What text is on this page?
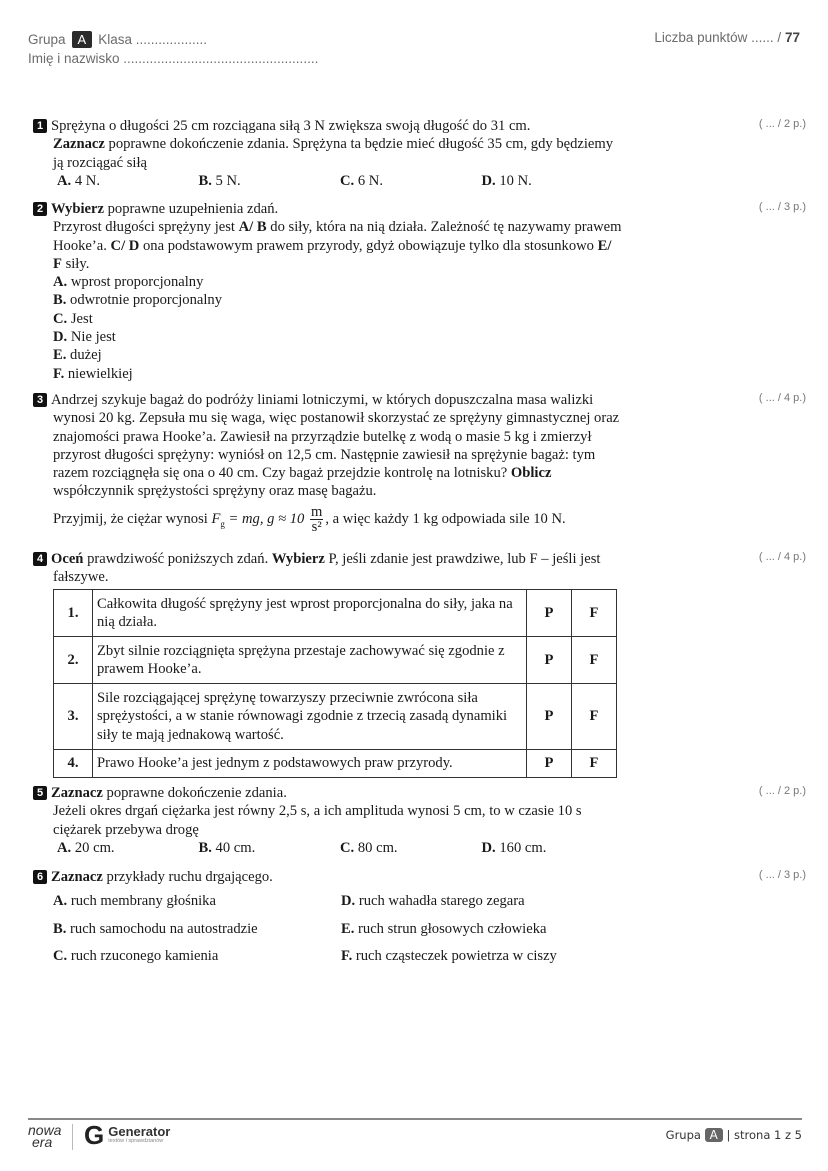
Grupa A Klasa ...................
Imię i nazwisko ....................................................
Liczba punktów ...... / 77
1 Sprężyna o długości 25 cm rozciągana siłą 3 N zwiększa swoją długość do 31 cm.
Zaznacz poprawne dokończenie zdania. Sprężyna ta będzie mieć długość 35 cm, gdy będziemy ją rozciągać siłą
A. 4 N.	B. 5 N.	C. 6 N.	D. 10 N.
( ... / 2 p.)
2 Wybierz poprawne uzupełnienia zdań.
Przyrost długości sprężyny jest A/ B do siły, która na nią działa. Zależność tę nazywamy prawem Hooke’a. C/ D ona podstawowym prawem przyrody, gdyż obowiązuje tylko dla stosunkowo E/ F siły.
A. wprost proporcjonalny
B. odwrotnie proporcjonalny
C. Jest
D. Nie jest
E. dużej
F. niewielkiej
( ... / 3 p.)
3 Andrzej szykuje bagaż do podróży liniami lotniczymi, w których dopuszczalna masa walizki wynosi 20 kg. Zepsuła mu się waga, więc postanowił skorzystać ze sprężyny gimnastycznej oraz znajomości prawa Hooke’a. Zawiesił na przyrządzie butelkę z wodą o masie 5 kg i zmierzył przyrost długości sprężyny: wyniósł on 12,5 cm. Następnie zawiesił na sprężynie bagaż: tym razem rozciągnęła się ona o 40 cm. Czy bagaż przejdzie kontrolę na lotnisku? Oblicz współczynnik sprężystości sprężyny oraz masę bagażu.
Przyjmij, że ciężar wynosi $F_g$ = mg, $g \approx 10 \frac{m}{\text{s²}}$ , a więc każdy 1 kg odpowiada sile 10 N.
( ... / 4 p.)
4 Oceń prawdziwość poniższych zdań. Wybierz P, jeśli zdanie jest prawdziwe, lub F – jeśli jest fałszywe.
( ... / 4 p.)
1.	Całkowita długość sprężyny jest wprost proporcjonalna do siły, jaka na nią działa.	P	F
2.	Zbyt silnie rozciągnięta sprężyna przestaje zachowywać się zgodnie z prawem Hooke’a.	P	F
3.	Sile rozciągającej sprężynę towarzyszy przeciwnie zwrócona siła sprężystości, a w stanie równowagi zgodnie z trzecią zasadą dynamiki siły te mają jednakową wartość.	P	F
4.	Prawo Hooke’a jest jednym z podstawowych praw przyrody.	P	F
5 Zaznacz poprawne dokończenie zdania.
Jeżeli okres drgań ciężarka jest równy 2,5 s, a ich amplituda wynosi 5 cm, to w czasie 10 s ciężarek przebywa drogę
A. 20 cm.	B. 40 cm.	C. 80 cm.	D. 160 cm.
( ... / 2 p.)
6 Zaznacz przykłady ruchu drgającego.
A. ruch membrany głośnika	D. ruch wahadła starego zegara
B. ruch samochodu na autostradzie	E. ruch strun głosowych człowieka
C. ruch rzuconego kamienia	F. ruch cząsteczek powietrza w ciszy
( ... / 3 p.)
nowa
era	G Generator
testów i sprawdzianów	Grupa A | strona 1 z 5
